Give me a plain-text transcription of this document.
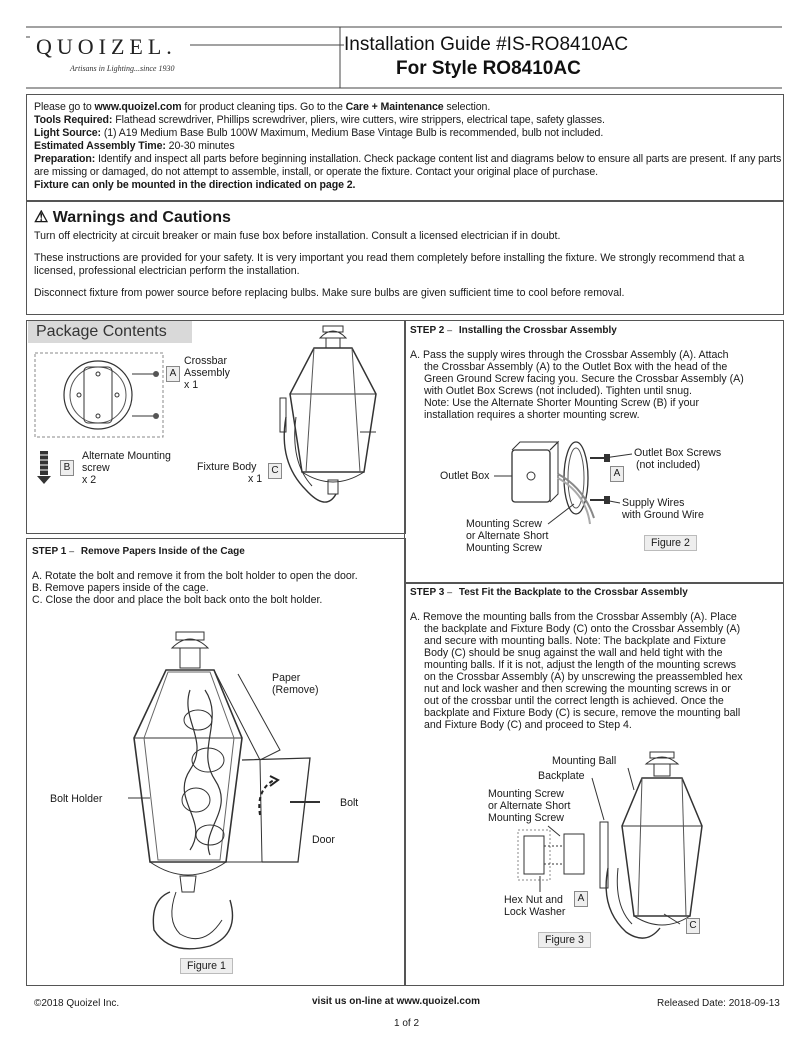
QUOIZEL.
Artisans in Lighting...since 1930
Installation Guide #IS-RO8410AC
For Style RO8410AC

Please go to www.quoizel.com for product cleaning tips. Go to the Care + Maintenance selection.

Tools Required: Flathead screwdriver, Phillips screwdriver, pliers, wire cutters, wire strippers, electrical tape, safety glasses.

Light Source: (1) A19 Medium Base Bulb 100W Maximum, Medium Base Vintage Bulb is recommended, bulb not included.

Estimated Assembly Time: 20-30 minutes

Preparation: Identify and inspect all parts before beginning installation. Check package content list and diagrams below to ensure all parts are present. If any parts are missing or damaged, do not attempt to assemble, install, or operate the fixture. Contact your original place of purchase.

Fixture can only be mounted in the direction indicated on page 2.

⚠ Warnings and Cautions

Turn off electricity at circuit breaker or main fuse box before installation. Consult a licensed electrician if in doubt.

These instructions are provided for your safety. It is very important you read them completely before installing the fixture. We strongly recommend that a licensed, professional electrician perform the installation.

Disconnect fixture from power source before replacing bulbs. Make sure bulbs are given sufficient time to cool before removal.

Package Contents
A
Crossbar Assembly
x 1
B
Alternate Mounting screw
x 2
Fixture Body
x 1
C
STEP 1 – Remove Papers Inside of the Cage
A. Rotate the bolt and remove it from the bolt holder to open the door.
B. Remove papers inside of the cage.
C. Close the door and place the bolt back onto the bolt holder.
Paper
(Remove)
Bolt Holder	Bolt
Door
Figure 1
STEP 2 – Installing the Crossbar Assembly
A. Pass the supply wires through the Crossbar Assembly (A). Attach
the Crossbar Assembly (A) to the Outlet Box with the head of the
Green Ground Screw facing you. Secure the Crossbar Assembly (A)
with Outlet Box Screws (not included). Tighten until snug.
Note: Use the Alternate Shorter Mounting Screw (B) if your
installation requires a shorter mounting screw.
Outlet Box
Outlet Box Screws
(not included)
A
Supply Wires
with Ground Wire
Mounting Screw
or Alternate Short
Mounting Screw	Figure 2
STEP 3 – Test Fit the Backplate to the Crossbar Assembly
A. Remove the mounting balls from the Crossbar Assembly (A). Place
the backplate and Fixture Body (C) onto the Crossbar Assembly (A)
and secure with mounting balls. Note: The backplate and Fixture
Body (C) should be snug against the wall and held tight with the
mounting balls. If it is not, adjust the length of the mounting screws
on the Crossbar Assembly (A) by unscrewing the preassembled hex
nut and lock washer and then screwing the mounting screws in or
out of the crossbar until the correct length is achieved. Once the
backplate and Fixture Body (C) is secure, remove the mounting ball
and Fixture Body (C) and proceed to Step 4.
Mounting Ball
Backplate
Mounting Screw
or Alternate Short
Mounting Screw
Hex Nut and
Lock Washer
A
C
Figure 3
©2018 Quoizel Inc.	visit us on-line at www.quoizel.com	Released Date: 2018-09-13
1 of 2
